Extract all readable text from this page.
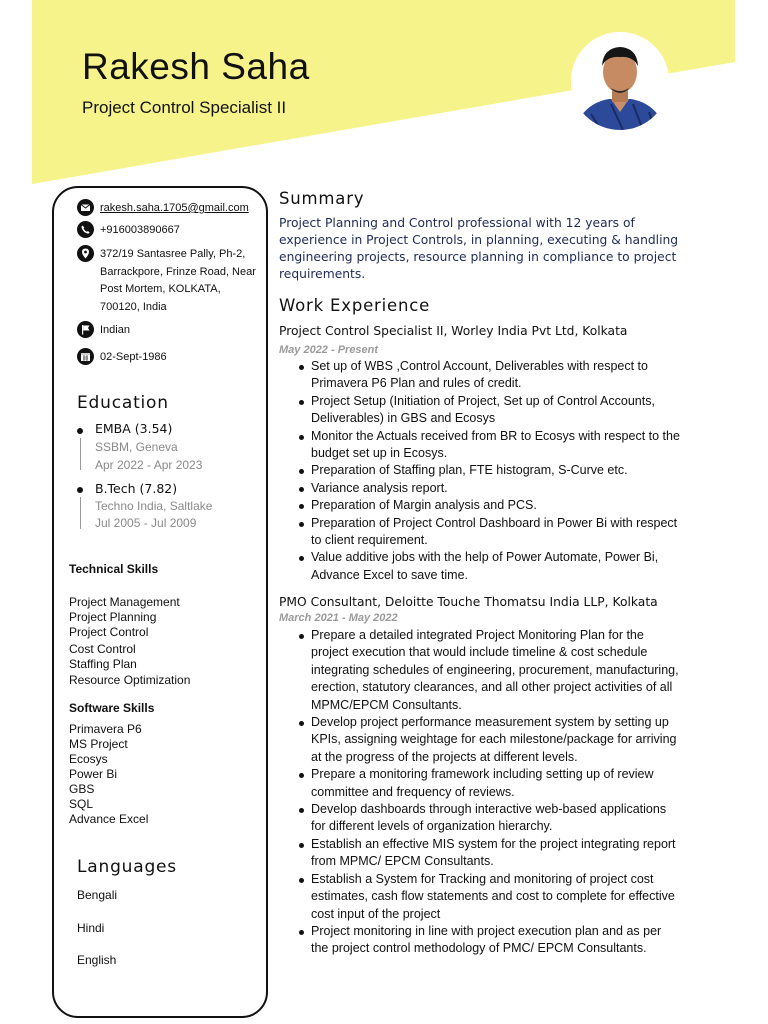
Rakesh Saha
Project Control Specialist II
rakesh.saha.1705@gmail.com
+916003890667
372/19 Santasree Pally, Ph-2, Barrackpore, Frinze Road, Near Post Mortem, KOLKATA, 700120, India
Indian
02-Sept-1986
Education
EMBA (3.54)
SSBM, Geneva
Apr 2022 - Apr 2023
B.Tech (7.82)
Techno India, Saltlake
Jul 2005 - Jul 2009
Technical Skills
Project Management
Project Planning
Project Control
Cost Control
Staffing Plan
Resource Optimization
Software Skills
Primavera P6
MS Project
Ecosys
Power Bi
GBS
SQL
Advance Excel
Languages
Bengali
Hindi
English
Summary
Project Planning and Control professional with 12 years of experience in Project Controls, in planning, executing & handling engineering projects, resource planning in compliance to project requirements.
Work Experience
Project Control Specialist II, Worley India Pvt Ltd, Kolkata
May 2022 - Present
Set up of WBS ,Control Account, Deliverables with respect to Primavera P6 Plan and rules of credit.
Project Setup (Initiation of Project, Set up of Control Accounts, Deliverables) in GBS and Ecosys
Monitor the Actuals received from BR to Ecosys with respect to the budget set up in Ecosys.
Preparation of Staffing plan, FTE histogram, S-Curve etc.
Variance analysis report.
Preparation of Margin analysis and PCS.
Preparation of Project Control Dashboard in Power Bi with respect to client requirement.
Value additive jobs with the help of Power Automate, Power Bi, Advance Excel to save time.
PMO Consultant, Deloitte Touche Thomatsu India LLP, Kolkata
March 2021 - May 2022
Prepare a detailed integrated Project Monitoring Plan for the project execution that would include timeline & cost schedule integrating schedules of engineering, procurement, manufacturing, erection, statutory clearances, and all other project activities of all MPMC/EPCM Consultants.
Develop project performance measurement system by setting up KPIs, assigning weightage for each milestone/package for arriving at the progress of the projects at different levels.
Prepare a monitoring framework including setting up of review committee and frequency of reviews.
Develop dashboards through interactive web-based applications for different levels of organization hierarchy.
Establish an effective MIS system for the project integrating report from MPMC/ EPCM Consultants.
Establish a System for Tracking and monitoring of project cost estimates, cash flow statements and cost to complete for effective cost input of the project
Project monitoring in line with project execution plan and as per the project control methodology of PMC/ EPCM Consultants.
